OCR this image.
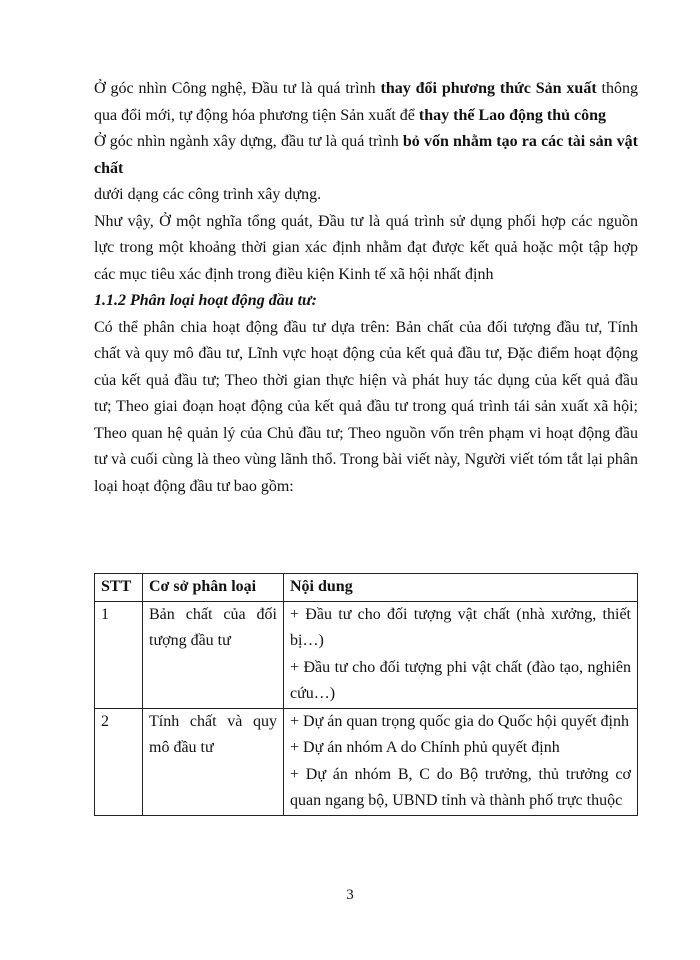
Ở góc nhìn Công nghệ, Đầu tư là quá trình thay đổi phương thức Sản xuất thông qua đổi mới, tự động hóa phương tiện Sản xuất để thay thế Lao động thủ công

Ở góc nhìn ngành xây dựng, đầu tư là quá trình bỏ vốn nhằm tạo ra các tài sản vật chất

dưới dạng các công trình xây dựng.

Như vậy, Ở một nghĩa tổng quát, Đầu tư là quá trình sử dụng phối hợp các nguồn lực trong một khoảng thời gian xác định nhằm đạt được kết quả hoặc một tập hợp các mục tiêu xác định trong điều kiện Kinh tế xã hội nhất định

1.1.2 Phân loại hoạt động đầu tư:

Có thể phân chia hoạt động đầu tư dựa trên: Bản chất của đối tượng đầu tư, Tính chất và quy mô đầu tư, Lĩnh vực hoạt động của kết quả đầu tư, Đặc điểm hoạt động của kết quả đầu tư; Theo thời gian thực hiện và phát huy tác dụng của kết quả đầu tư; Theo giai đoạn hoạt động của kết quả đầu tư trong quá trình tái sản xuất xã hội; Theo quan hệ quản lý của Chủ đầu tư; Theo nguồn vốn trên phạm vi hoạt động đầu tư và cuối cùng là theo vùng lãnh thổ. Trong bài viết này, Người viết tóm tắt lại phân loại hoạt động đầu tư bao gồm:

STT	Cơ sở phân loại	Nội dung
1	Bản chất của đối tượng đầu tư	+ Đầu tư cho đối tượng vật chất (nhà xưởng, thiết bị…)
+ Đầu tư cho đối tượng phi vật chất (đào tạo, nghiên cứu…)

2	Tính chất và quy mô đầu tư	+ Dự án quan trọng quốc gia do Quốc hội quyết định
+ Dự án nhóm A do Chính phủ quyết định
+ Dự án nhóm B, C do Bộ trưởng, thủ trưởng cơ quan ngang bộ, UBND tỉnh và thành phố trực thuộc
3
